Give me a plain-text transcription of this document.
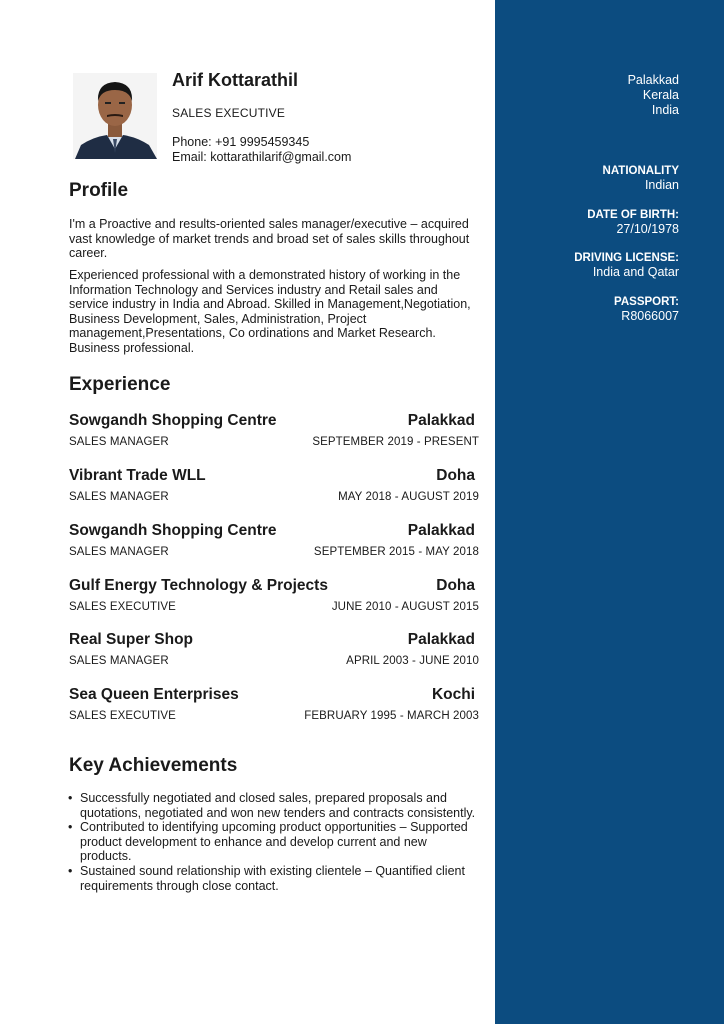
Palakkad
Kerala
India
NATIONALITY
Indian
DATE OF BIRTH:
27/10/1978
DRIVING LICENSE:
India and Qatar
PASSPORT:
R8066007
Arif Kottarathil
SALES EXECUTIVE
Phone: +91 9995459345
Email: kottarathilarif@gmail.com
Profile
I'm a Proactive and results-oriented sales manager/executive – acquired vast knowledge of market trends and broad set of sales skills throughout career.
Experienced professional with a demonstrated history of working in the Information Technology and Services industry and Retail sales and service industry in India and Abroad. Skilled in Management,Negotiation, Business Development, Sales, Administration, Project management,Presentations, Co ordinations and Market Research. Business professional.
Experience
Sowgandh Shopping Centre	Palakkad
SALES MANAGER	SEPTEMBER 2019 - PRESENT
Vibrant Trade WLL	Doha
SALES MANAGER	MAY 2018 - AUGUST 2019
Sowgandh Shopping Centre	Palakkad
SALES MANAGER	SEPTEMBER 2015 - MAY 2018
Gulf Energy Technology & Projects	Doha
SALES EXECUTIVE	JUNE 2010 - AUGUST 2015
Real Super Shop	Palakkad
SALES MANAGER	APRIL 2003 - JUNE 2010
Sea Queen Enterprises	Kochi
SALES EXECUTIVE	FEBRUARY 1995 - MARCH 2003
Key Achievements
• Successfully negotiated and closed sales, prepared proposals and quotations, negotiated and won new tenders and contracts consistently.
• Contributed to identifying upcoming product opportunities – Supported product development to enhance and develop current and new products.
• Sustained sound relationship with existing clientele – Quantified client requirements through close contact.
